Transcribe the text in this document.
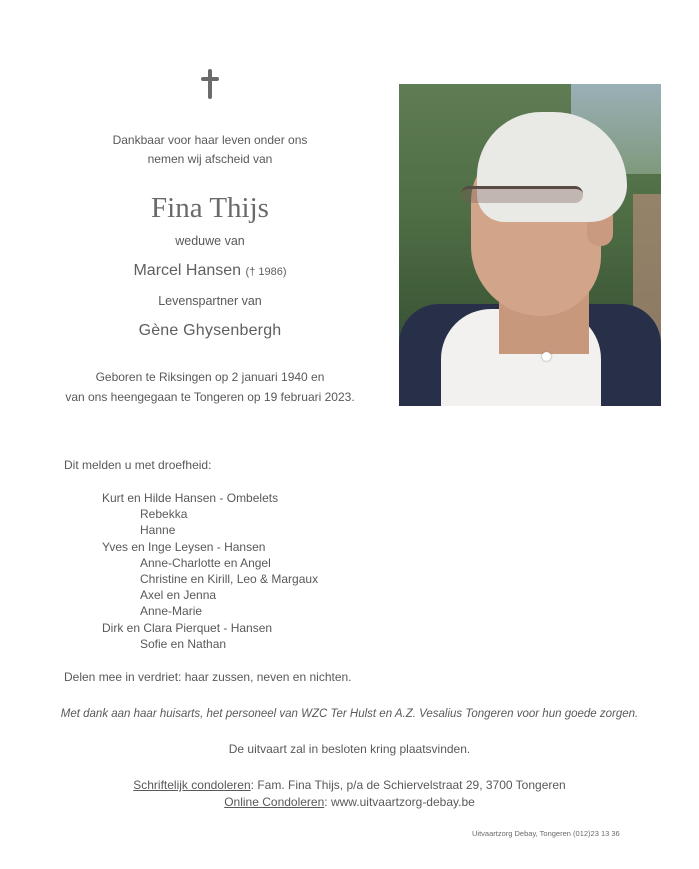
Dankbaar voor haar leven onder ons
nemen wij afscheid van
Fina Thijs
weduwe van
Marcel Hansen († 1986)
Levenspartner van
Gène Ghysenbergh
Geboren te Riksingen op 2 januari 1940 en
van ons heengegaan te Tongeren op 19 februari 2023.
Dit melden u met droefheid:
Kurt en Hilde Hansen - Ombelets
Rebekka
Hanne
Yves en Inge Leysen - Hansen
Anne-Charlotte en Angel
Christine en Kirill, Leo & Margaux
Axel en Jenna
Anne-Marie
Dirk en Clara Pierquet - Hansen
Sofie en Nathan
Delen mee in verdriet: haar zussen, neven en nichten.
Met dank aan haar huisarts, het personeel van WZC Ter Hulst en A.Z. Vesalius Tongeren voor hun goede zorgen.
De uitvaart zal in besloten kring plaatsvinden.
Schriftelijk condoleren: Fam. Fina Thijs, p/a de Schiervelstraat 29, 3700 Tongeren
Online Condoleren: www.uitvaartzorg-debay.be
Uitvaartzorg Debay, Tongeren (012)23 13 36
